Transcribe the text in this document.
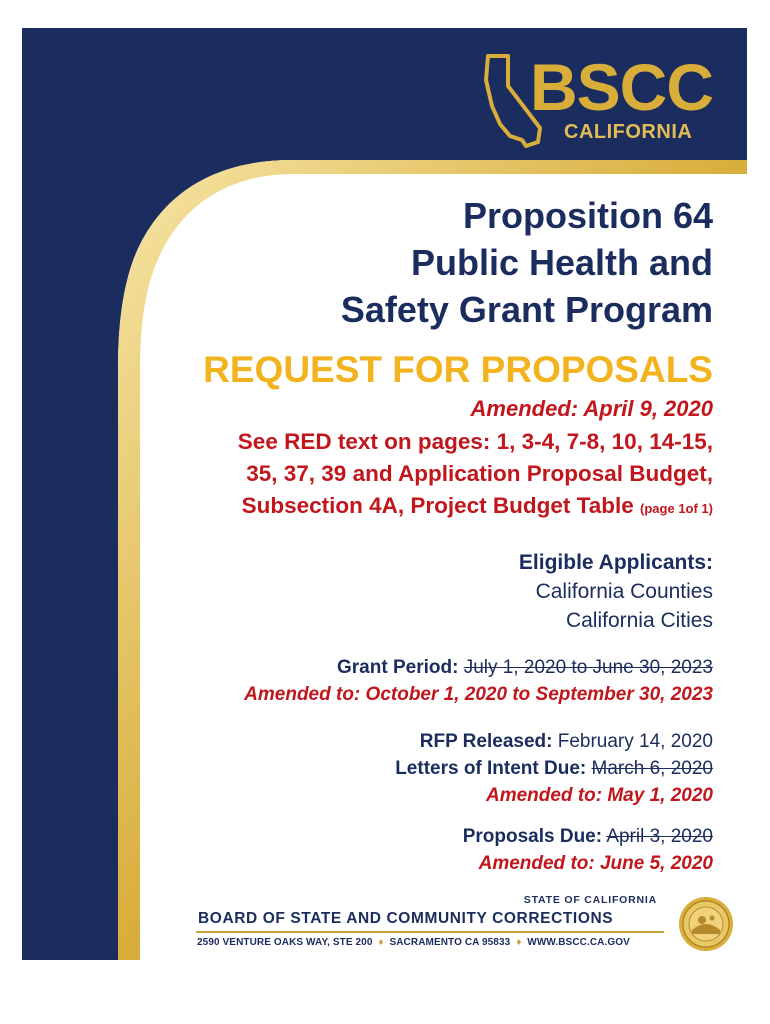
BSCC
CALIFORNIA
Proposition 64
Public Health and
Safety Grant Program
REQUEST FOR PROPOSALS
Amended: April 9, 2020
See RED text on pages: 1, 3-4, 7-8, 10, 14-15,
35, 37, 39 and Application Proposal Budget,
Subsection 4A, Project Budget Table (page 1of 1)
Eligible Applicants:
California Counties
California Cities
Grant Period: July 1, 2020 to June 30, 2023
Amended to: October 1, 2020 to September 30, 2023
RFP Released: February 14, 2020
Letters of Intent Due: March 6, 2020
Amended to: May 1, 2020
Proposals Due: April 3, 2020
Amended to: June 5, 2020
STATE OF CALIFORNIA
BOARD OF STATE AND COMMUNITY CORRECTIONS
2590 VENTURE OAKS WAY, STE 200 ♦ SACRAMENTO CA 95833 ♦ WWW.BSCC.CA.GOV
